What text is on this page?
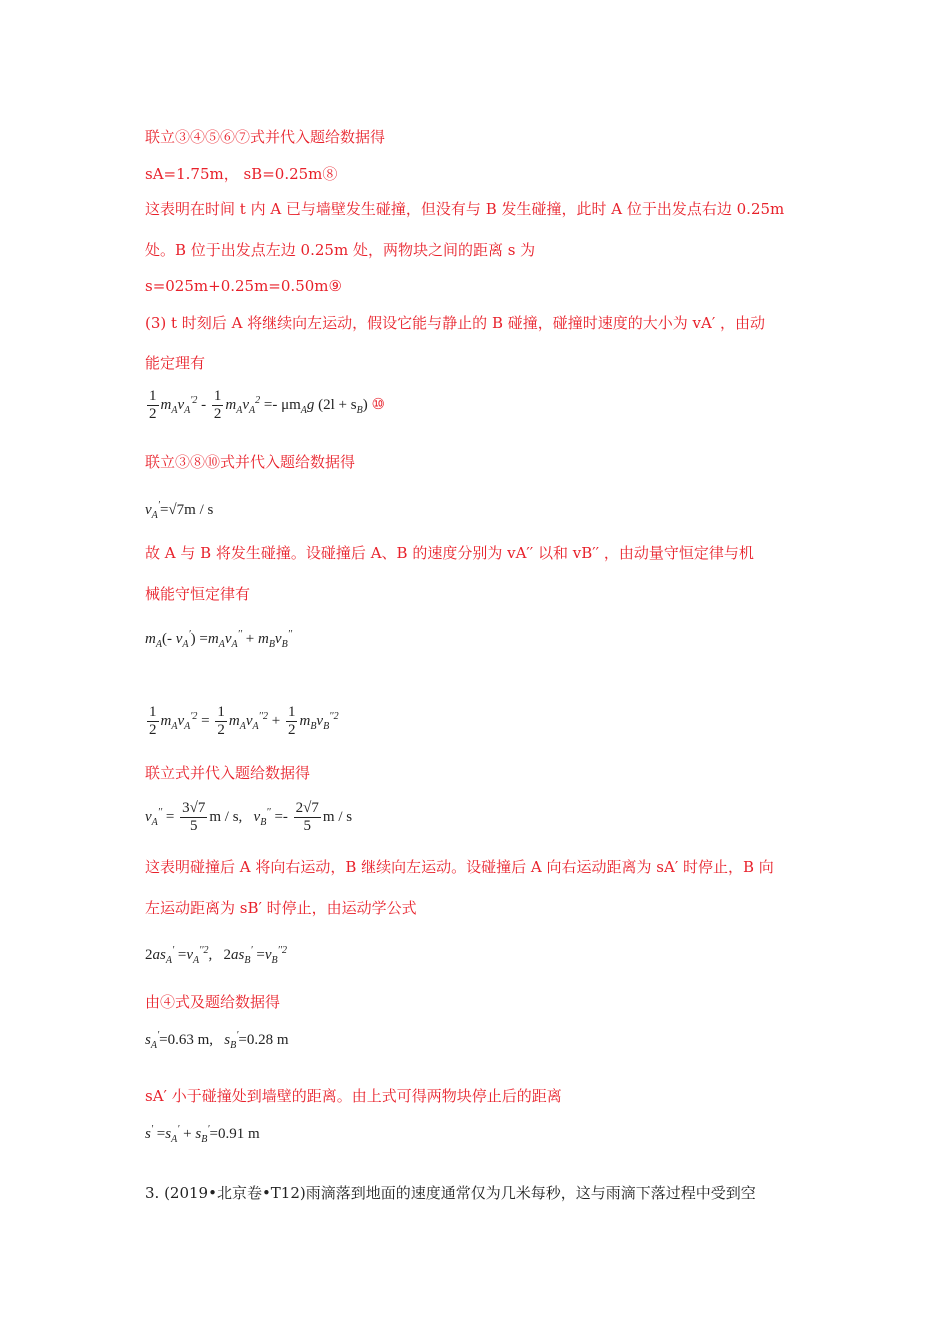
联立③④⑤⑥⑦式并代入题给数据得

sA=1.75m， sB=0.25m⑧

这表明在时间 t 内 A 已与墙壁发生碰撞，但没有与 B 发生碰撞，此时 A 位于出发点右边 0.25m

处。B 位于出发点左边 0.25m 处，两物块之间的距离 s 为

s=025m+0.25m=0.50m⑨

(3) t 时刻后 A 将继续向左运动，假设它能与静止的 B 碰撞，碰撞时速度的大小为 vA′ ，由动

能定理有

$\frac{1}{2} m_Av_A^{'2} - \frac{1}{2} m_Av_A^2 =- \mu m_Ag$ $(2l + s_B)$ ⑩

联立③⑧⑩式并代入题给数据得

$v_A'=√7m / s$

故 A 与 B 将发生碰撞。设碰撞后 A、B 的速度分别为 vA′′ 以和 vB′′ ，由动量守恒定律与机

械能守恒定律有

$m_A(-$ $v_A') =m_Av_A'' + m_Bv_B''$
$\frac{1}{2} m_Av_A^{'2} = \frac{1}{2} m_Av_A^{''2} + \frac{1}{2} m_Bv_B^{''2}$

联立式并代入题给数据得

$v_A'' = \frac{3√7}{5}$ m / s,   $v_B'' =- \frac{2√7}{5}$ m / s

这表明碰撞后 A 将向右运动，B 继续向左运动。设碰撞后 A 向右运动距离为 sA′ 时停止，B 向

左运动距离为 sB′ 时停止，由运动学公式

$2as_A' =v_A^{''2}$,   $2as_B' =v_B^{''2}$

由④式及题给数据得

$s_A'=0.63$ m,   $s_B'=0.28$ m

sA′ 小于碰撞处到墙壁的距离。由上式可得两物块停止后的距离

$s' =s_A' + s_B'=0.91$ m

3. (2019•北京卷•T12)雨滴落到地面的速度通常仅为几米每秒，这与雨滴下落过程中受到空
